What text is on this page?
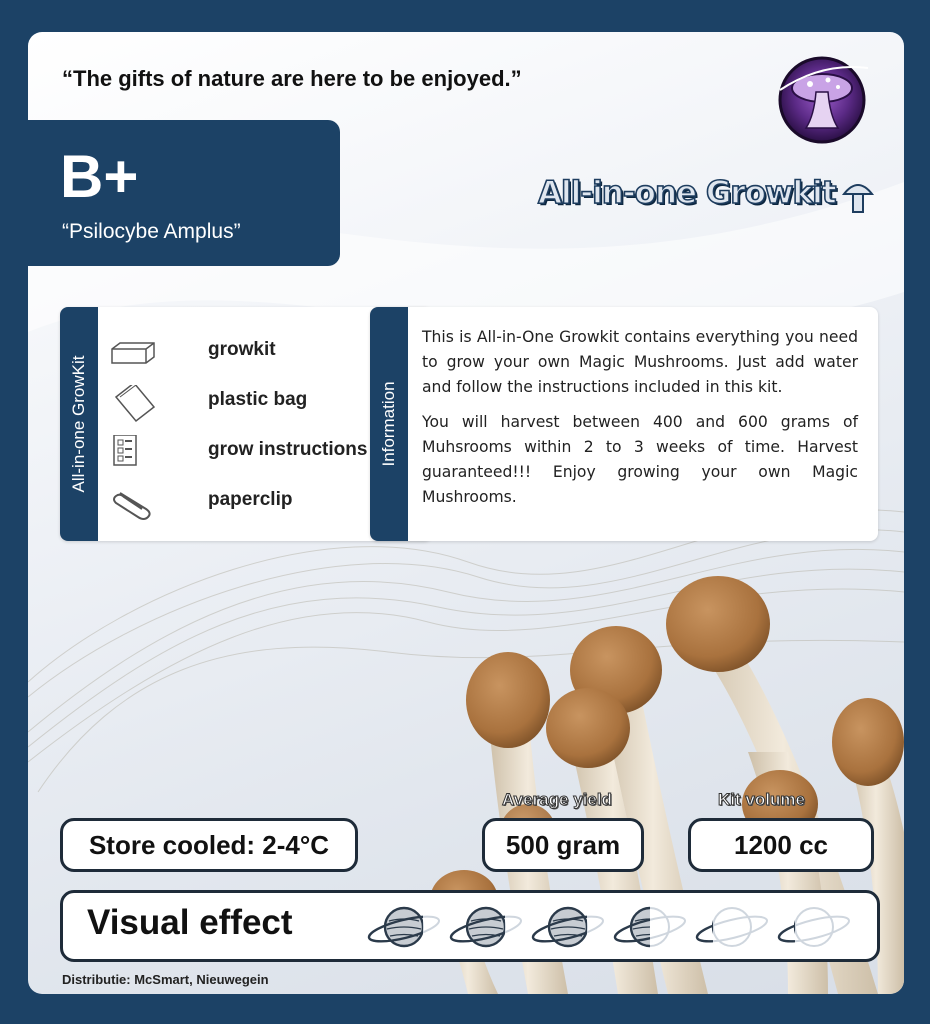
“The gifts of nature are here to be enjoyed.”
All-in-one Growkit
B+
“Psilocybe Amplus”
All-in-one GrowKit
growkit
plastic bag
grow instructions
paperclip
Information

This is All-in-One Growkit contains everything you need to grow your own Magic Mushrooms. Just add water and follow the instructions included in this kit.

You will harvest between 400 and 600 grams of Muhsrooms within 2 to 3 weeks of time. Harvest guaranteed!!! Enjoy growing your own Magic Mushrooms.

Average yield	Kit volume
Store cooled: 2-4°C	500 gram	1200 cc
Visual effect
Distributie: McSmart, Nieuwegein
